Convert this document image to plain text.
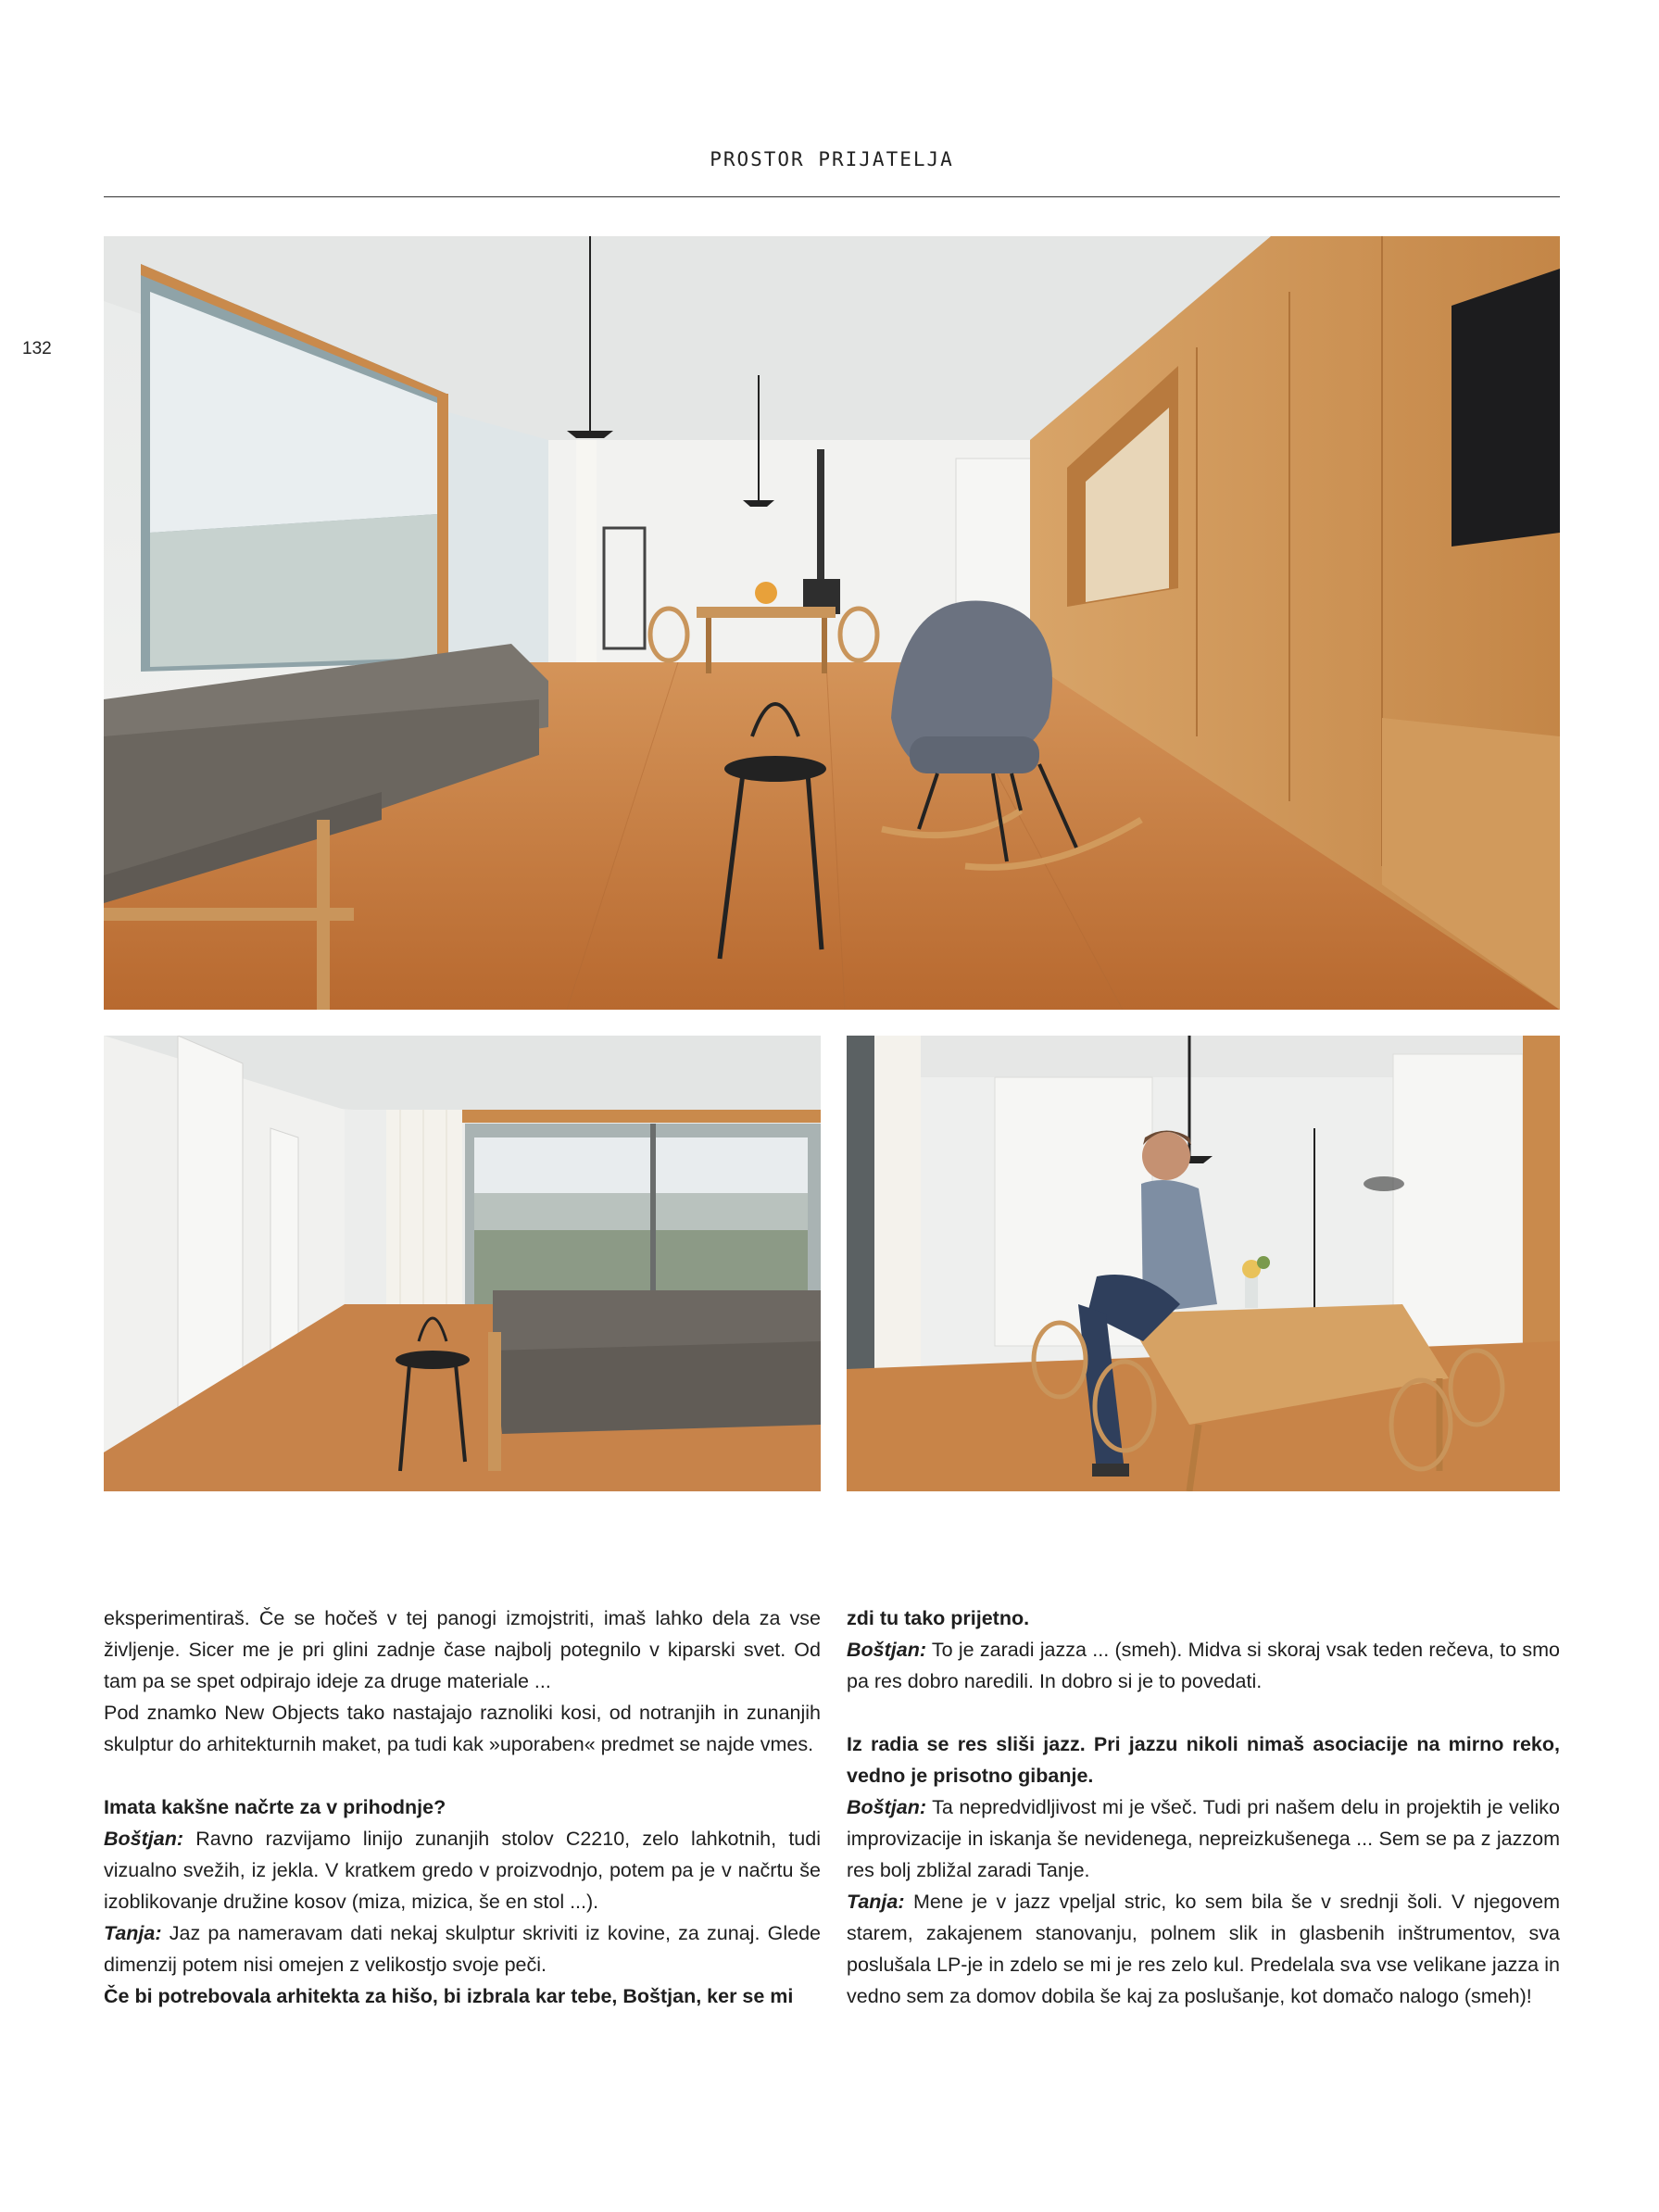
PROSTOR PRIJATELJA
132

eksperimentiraš. Če se hočeš v tej panogi izmojstriti, imaš lahko dela za vse življenje. Sicer me je pri glini zadnje čase najbolj potegnilo v kiparski svet. Od tam pa se spet odpirajo ideje za druge materiale ...

Pod znamko New Objects tako nastajajo raznoliki kosi, od notranjih in zunanjih skulptur do arhitekturnih maket, pa tudi kak »uporaben« predmet se najde vmes.

Imata kakšne načrte za v prihodnje?

Boštjan: Ravno razvijamo linijo zunanjih stolov C2210, zelo lahkotnih, tudi vizualno svežih, iz jekla. V kratkem gredo v proizvodnjo, potem pa je v načrtu še izoblikovanje družine kosov (miza, mizica, še en stol ...).

Tanja: Jaz pa nameravam dati nekaj skulptur skriviti iz kovine, za zunaj. Glede dimenzij potem nisi omejen z velikostjo svoje peči.

Če bi potrebovala arhitekta za hišo, bi izbrala kar tebe, Boštjan, ker se mi

zdi tu tako prijetno.

Boštjan: To je zaradi jazza ... (smeh). Midva si skoraj vsak teden rečeva, to smo pa res dobro naredili. In dobro si je to povedati.

Iz radia se res sliši jazz. Pri jazzu nikoli nimaš asociacije na mirno reko, vedno je prisotno gibanje.

Boštjan: Ta nepredvidljivost mi je všeč. Tudi pri našem delu in projektih je veliko improvizacije in iskanja še nevidenega, nepreizkušenega ... Sem se pa z jazzom res bolj zbližal zaradi Tanje.

Tanja: Mene je v jazz vpeljal stric, ko sem bila še v srednji šoli. V njegovem starem, zakajenem stanovanju, polnem slik in glasbenih inštrumentov, sva poslušala LP-je in zdelo se mi je res zelo kul. Predelala sva vse velikane jazza in vedno sem za domov dobila še kaj za poslušanje, kot domačo nalogo (smeh)!
